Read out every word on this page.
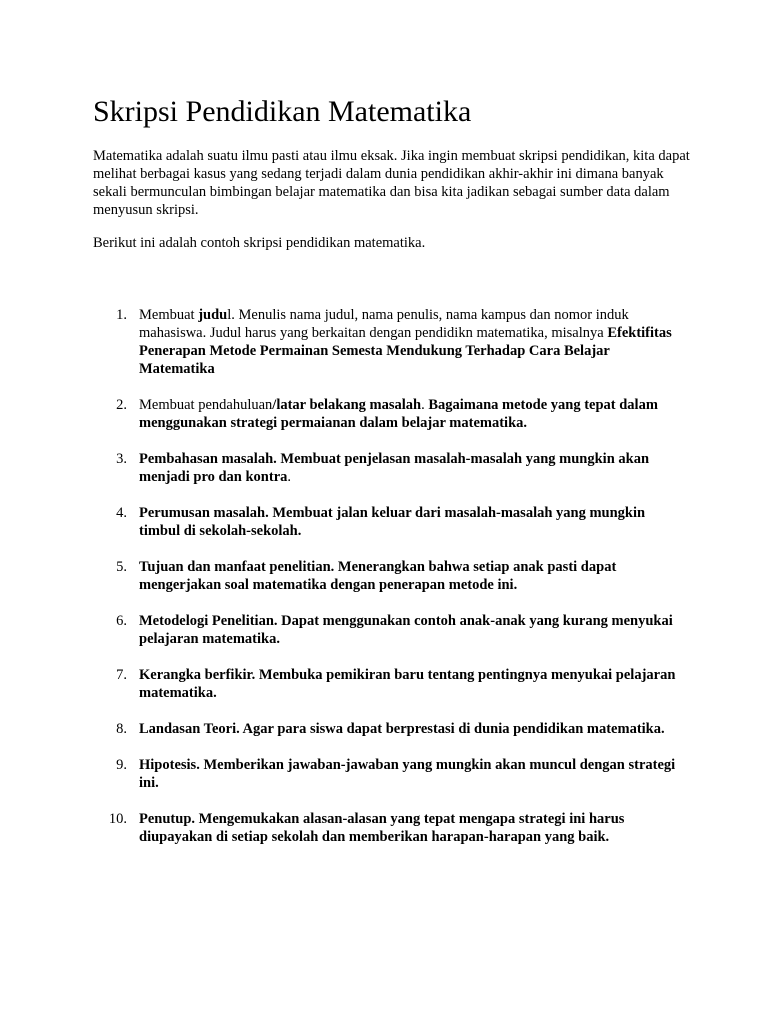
Skripsi Pendidikan Matematika

Matematika adalah suatu ilmu pasti atau ilmu eksak. Jika ingin membuat skripsi pendidikan, kita dapat melihat berbagai kasus yang sedang terjadi dalam dunia pendidikan akhir-akhir ini dimana banyak sekali bermunculan bimbingan belajar matematika dan bisa kita jadikan sebagai sumber data dalam menyusun skripsi.

Berikut ini adalah contoh skripsi pendidikan matematika.

1. Membuat judul. Menulis nama judul, nama penulis, nama kampus dan nomor induk mahasiswa. Judul harus yang berkaitan dengan pendidikn matematika, misalnya Efektifitas Penerapan Metode Permainan Semesta Mendukung Terhadap Cara Belajar Matematika
2. Membuat pendahuluan/latar belakang masalah. Bagaimana metode yang tepat dalam menggunakan strategi permaianan dalam belajar matematika.
3. Pembahasan masalah. Membuat penjelasan masalah-masalah yang mungkin akan menjadi pro dan kontra.
4. Perumusan masalah. Membuat jalan keluar dari masalah-masalah yang mungkin timbul di sekolah-sekolah.
5. Tujuan dan manfaat penelitian. Menerangkan bahwa setiap anak pasti dapat mengerjakan soal matematika dengan penerapan metode ini.
6. Metodelogi Penelitian. Dapat menggunakan contoh anak-anak yang kurang menyukai pelajaran matematika.
7. Kerangka berfikir. Membuka pemikiran baru tentang pentingnya menyukai pelajaran matematika.
8. Landasan Teori. Agar para siswa dapat berprestasi di dunia pendidikan matematika.
9. Hipotesis. Memberikan jawaban-jawaban yang mungkin akan muncul dengan strategi ini.
10. Penutup. Mengemukakan alasan-alasan yang tepat mengapa strategi ini harus diupayakan di setiap sekolah dan memberikan harapan-harapan yang baik.
